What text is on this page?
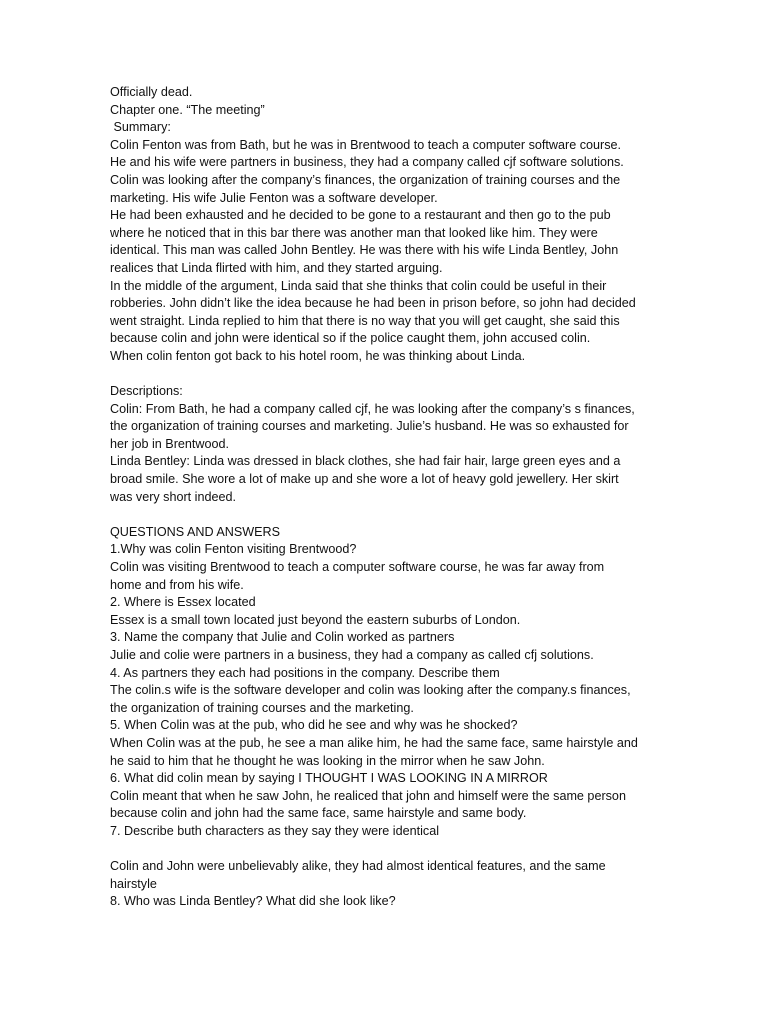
Officially dead.
Chapter one. “The meeting”
Summary:
Colin Fenton was from Bath, but he was in Brentwood to teach a computer software course.
He and his wife were partners in business, they had a company called cjf software solutions.
Colin was looking after the company’s finances, the organization of training courses and the
marketing. His wife Julie Fenton was a software developer.
He had been exhausted and he decided to be gone to a restaurant and then go to the pub
where he noticed that in this bar there was another man that looked like him. They were
identical. This man was called John Bentley. He was there with his wife Linda Bentley, John
realices that Linda flirted with him, and they started arguing.
In the middle of the argument, Linda said that she thinks that colin could be useful in their
robberies. John didn’t like the idea because he had been in prison before, so john had decided
went straight. Linda replied to him that there is no way that you will get caught, she said this
because colin and john were identical so if the police caught them, john accused colin.
When colin fenton got back to his hotel room, he was thinking about Linda.
Descriptions:
Colin: From Bath, he had a company called cjf, he was looking after the company’s s finances,
the organization of training courses and marketing. Julie’s husband. He was so exhausted for
her job in Brentwood.
Linda Bentley: Linda was dressed in black clothes, she had fair hair, large green eyes and a
broad smile. She wore a lot of make up and she wore a lot of heavy gold jewellery. Her skirt
was very short indeed.
QUESTIONS AND ANSWERS
1.Why was colin Fenton visiting Brentwood?
Colin was visiting Brentwood to teach a computer software course, he was far away from
home and from his wife.
2. Where is Essex located
Essex is a small town located just beyond the eastern suburbs of London.
3. Name the company that Julie and Colin worked as partners
Julie and colie were partners in a business, they had a company as called cfj solutions.
4. As partners they each had positions in the company. Describe them
The colin.s wife is the software developer and colin was looking after the company.s finances,
the organization of training courses and the marketing.
5. When Colin was at the pub, who did he see and why was he shocked?
When Colin was at the pub, he see a man alike him, he had the same face, same hairstyle and
he said to him that he thought he was looking in the mirror when he saw John.
6. What did colin mean by saying I THOUGHT I WAS LOOKING IN A MIRROR
Colin meant that when he saw John, he realiced that john and himself were the same person
because colin and john had the same face, same hairstyle and same body.
7. Describe buth characters as they say they were identical
Colin and John were unbelievably alike, they had almost identical features, and the same
hairstyle
8. Who was Linda Bentley? What did she look like?
